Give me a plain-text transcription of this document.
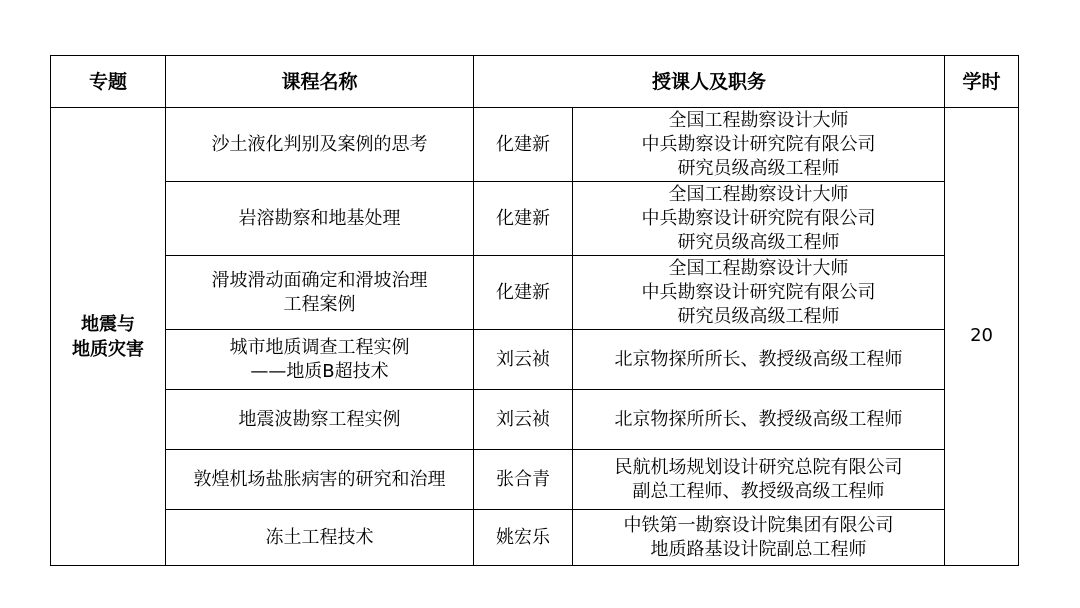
专题	课程名称	授课人及职务		学时

地震与
地质灾害	沙土液化判别及案例的思考	化建新	全国工程勘察设计大师
中兵勘察设计研究院有限公司
研究员级高级工程师	20

	岩溶勘察和地基处理	化建新	全国工程勘察设计大师
中兵勘察设计研究院有限公司
研究员级高级工程师	

	滑坡滑动面确定和滑坡治理
工程案例	化建新	全国工程勘察设计大师
中兵勘察设计研究院有限公司
研究员级高级工程师	

	城市地质调查工程实例
——地质B超技术	刘云祯	北京物探所所长、教授级高级工程师	

	地震波勘察工程实例	刘云祯	北京物探所所长、教授级高级工程师	

	敦煌机场盐胀病害的研究和治理	张合青	民航机场规划设计研究总院有限公司
副总工程师、教授级高级工程师	

	冻土工程技术	姚宏乐	中铁第一勘察设计院集团有限公司
地质路基设计院副总工程师	
